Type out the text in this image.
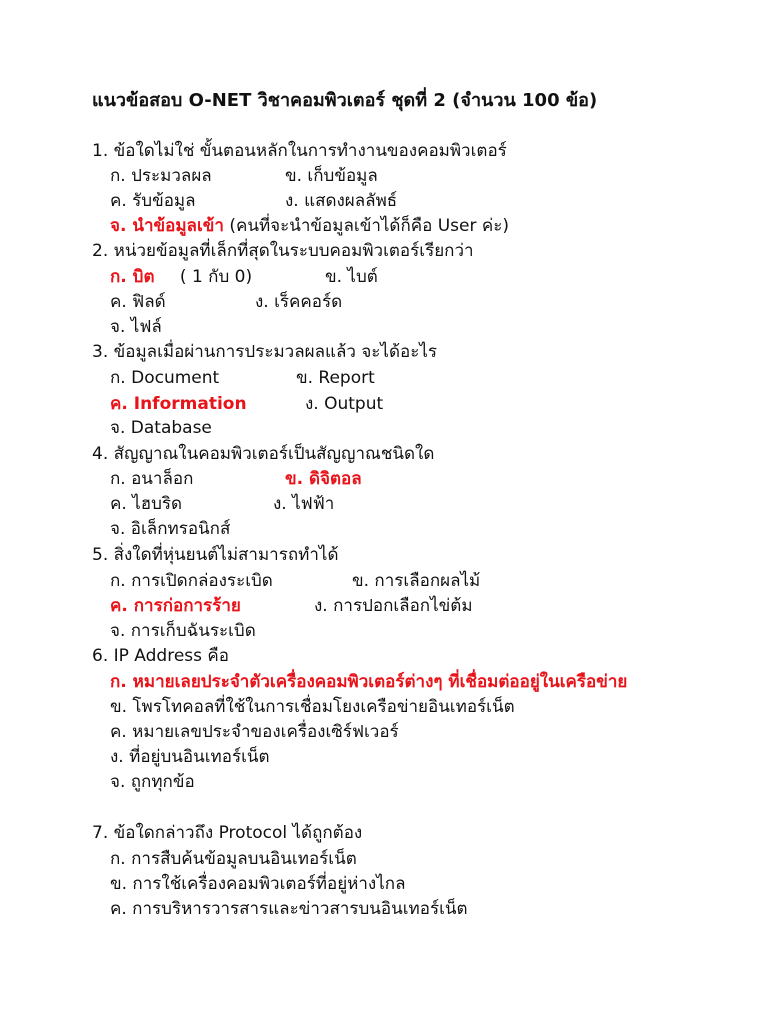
แนวข้อสอบ O-NET วิชาคอมพิวเตอร์ ชุดที่ 2 (จำนวน 100 ข้อ)
1. ข้อใดไม่ใช่ ขั้นตอนหลักในการทำงานของคอมพิวเตอร์
ก. ประมวลผล	ข. เก็บข้อมูล
ค. รับข้อมูล	ง. แสดงผลลัพธ์
จ. นำข้อมูลเข้า (คนที่จะนำข้อมูลเข้าได้ก็คือ User ค่ะ)
2. หน่วยข้อมูลที่เล็กที่สุดในระบบคอมพิวเตอร์เรียกว่า
ก. บิต ( 1 กับ 0)	ข. ไบต์
ค. ฟิลด์	ง. เร็คคอร์ด
จ. ไฟล์
3. ข้อมูลเมื่อผ่านการประมวลผลแล้ว จะได้อะไร
ก. Document	ข. Report
ค. Information	ง. Output
จ. Database
4. สัญญาณในคอมพิวเตอร์เป็นสัญญาณชนิดใด
ก. อนาล็อก	ข. ดิจิตอล
ค. ไฮบริด	ง. ไฟฟ้า
จ. อิเล็กทรอนิกส์
5. สิ่งใดที่หุ่นยนต์ไม่สามารถทำได้
ก. การเปิดกล่องระเบิด	ข. การเลือกผลไม้
ค. การก่อการร้าย	ง. การปอกเลือกไข่ต้ม
จ. การเก็บฉันระเบิด
6. IP Address คือ
ก. หมายเลยประจำตัวเครื่องคอมพิวเตอร์ต่างๆ ที่เชื่อมต่ออยู่ในเครือข่าย
ข. โพรโทคอลที่ใช้ในการเชื่อมโยงเครือข่ายอินเทอร์เน็ต
ค. หมายเลขประจำของเครื่องเซิร์ฟเวอร์
ง. ที่อยู่บนอินเทอร์เน็ต
จ. ถูกทุกข้อ
7. ข้อใดกล่าวถึง Protocol ได้ถูกต้อง
ก. การสืบค้นข้อมูลบนอินเทอร์เน็ต
ข. การใช้เครื่องคอมพิวเตอร์ที่อยู่ห่างไกล
ค. การบริหารวารสารและข่าวสารบนอินเทอร์เน็ต
